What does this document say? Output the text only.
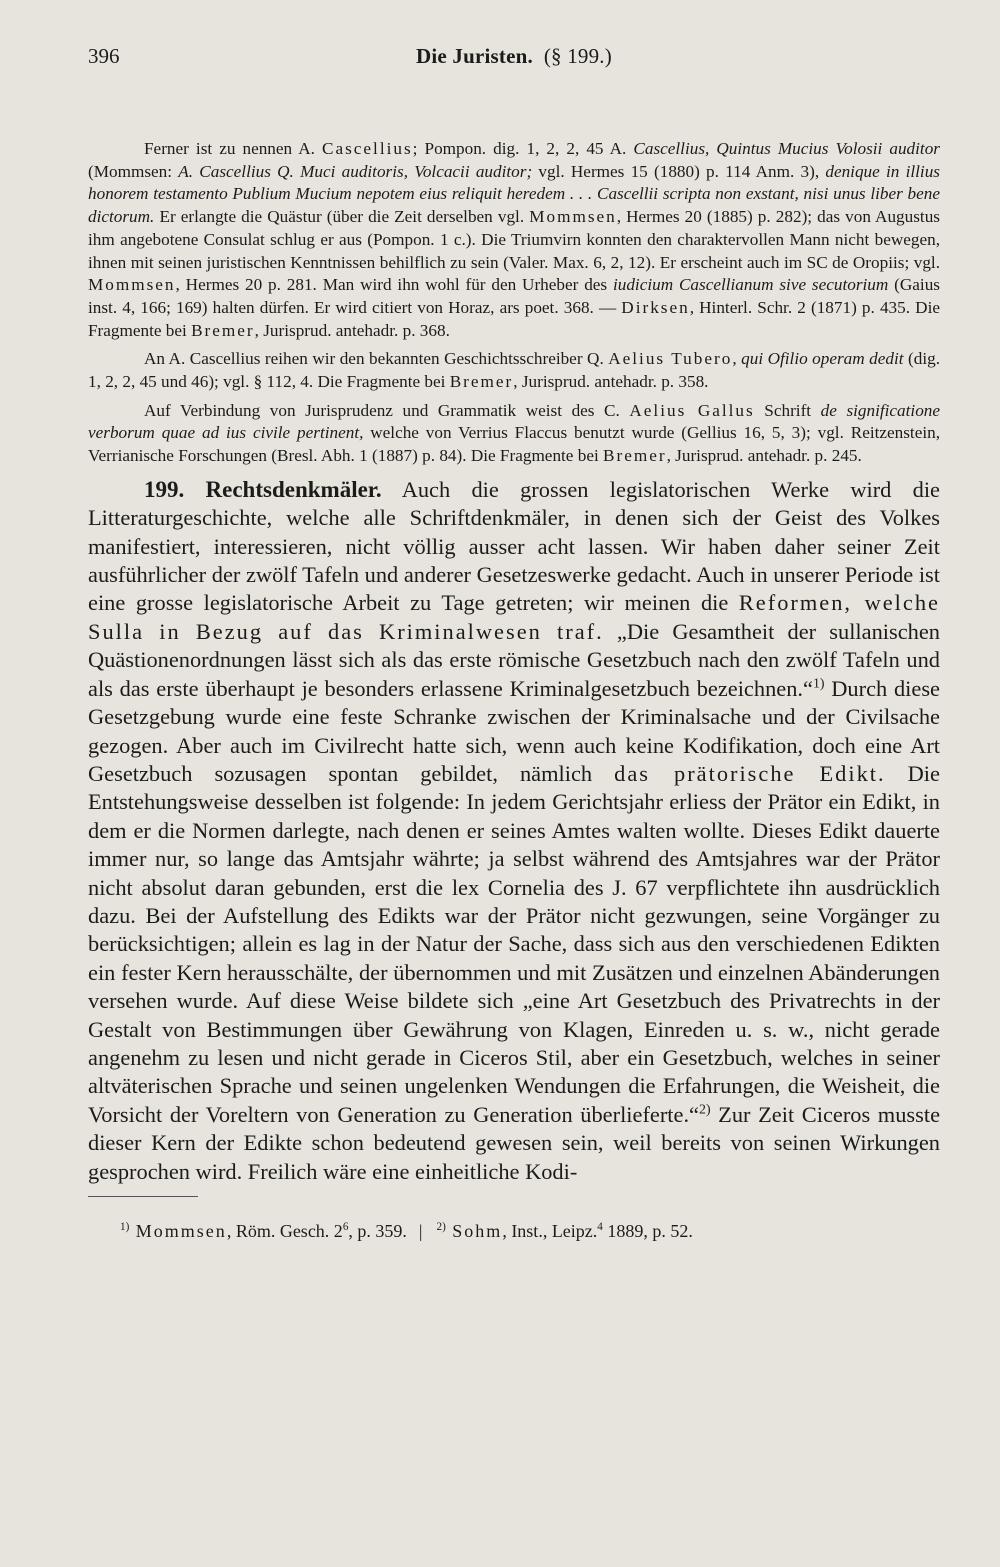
396	Die Juristen. (§ 199.)

Ferner ist zu nennen A. Cascellius; Pompon. dig. 1, 2, 2, 45 A. Cascellius, Quintus Mucius Volosii auditor (Mommsen: A. Cascellius Q. Muci auditoris, Volcacii auditor; vgl. Hermes 15 (1880) p. 114 Anm. 3), denique in illius honorem testamento Publium Mucium nepotem eius reliquit heredem . . . Cascellii scripta non exstant, nisi unus liber bene dictorum. Er erlangte die Quästur (über die Zeit derselben vgl. Mommsen, Hermes 20 (1885) p. 282); das von Augustus ihm angebotene Consulat schlug er aus (Pompon. 1 c.). Die Triumvirn konnten den charaktervollen Mann nicht bewegen, ihnen mit seinen juristischen Kenntnissen behilflich zu sein (Valer. Max. 6, 2, 12). Er erscheint auch im SC de Oropiis; vgl. Mommsen, Hermes 20 p. 281. Man wird ihn wohl für den Urheber des iudicium Cascellianum sive secutorium (Gaius inst. 4, 166; 169) halten dürfen. Er wird citiert von Horaz, ars poet. 368. — Dirksen, Hinterl. Schr. 2 (1871) p. 435. Die Fragmente bei Bremer, Jurisprud. antehadr. p. 368.

An A. Cascellius reihen wir den bekannten Geschichtsschreiber Q. Aelius Tubero, qui Ofilio operam dedit (dig. 1, 2, 2, 45 und 46); vgl. § 112, 4. Die Fragmente bei Bremer, Jurisprud. antehadr. p. 358.

Auf Verbindung von Jurisprudenz und Grammatik weist des C. Aelius Gallus Schrift de significatione verborum quae ad ius civile pertinent, welche von Verrius Flaccus benutzt wurde (Gellius 16, 5, 3); vgl. Reitzenstein, Verrianische Forschungen (Bresl. Abh. 1 (1887) p. 84). Die Fragmente bei Bremer, Jurisprud. antehadr. p. 245.

199. Rechtsdenkmäler. Auch die grossen legislatorischen Werke wird die Litteraturgeschichte, welche alle Schriftdenkmäler, in denen sich der Geist des Volkes manifestiert, interessieren, nicht völlig ausser acht lassen. Wir haben daher seiner Zeit ausführlicher der zwölf Tafeln und anderer Gesetzeswerke gedacht. Auch in unserer Periode ist eine grosse legislatorische Arbeit zu Tage getreten; wir meinen die Reformen, welche Sulla in Bezug auf das Kriminalwesen traf. „Die Gesamtheit der sullanischen Quästionenordnungen lässt sich als das erste römische Gesetzbuch nach den zwölf Tafeln und als das erste überhaupt je besonders erlassene Kriminalgesetzbuch bezeichnen.“$^{1)}$ Durch diese Gesetzgebung wurde eine feste Schranke zwischen der Kriminalsache und der Civilsache gezogen. Aber auch im Civilrecht hatte sich, wenn auch keine Kodifikation, doch eine Art Gesetzbuch sozusagen spontan gebildet, nämlich das prätorische Edikt. Die Entstehungsweise desselben ist folgende: In jedem Gerichtsjahr erliess der Prätor ein Edikt, in dem er die Normen darlegte, nach denen er seines Amtes walten wollte. Dieses Edikt dauerte immer nur, so lange das Amtsjahr währte; ja selbst während des Amtsjahres war der Prätor nicht absolut daran gebunden, erst die lex Cornelia des J. 67 verpflichtete ihn ausdrücklich dazu. Bei der Aufstellung des Edikts war der Prätor nicht gezwungen, seine Vorgänger zu berücksichtigen; allein es lag in der Natur der Sache, dass sich aus den verschiedenen Edikten ein fester Kern herausschälte, der übernommen und mit Zusätzen und einzelnen Abänderungen versehen wurde. Auf diese Weise bildete sich „eine Art Gesetzbuch des Privatrechts in der Gestalt von Bestimmungen über Gewährung von Klagen, Einreden u. s. w., nicht gerade angenehm zu lesen und nicht gerade in Ciceros Stil, aber ein Gesetzbuch, welches in seiner altväterischen Sprache und seinen ungelenken Wendungen die Erfahrungen, die Weisheit, die Vorsicht der Voreltern von Generation zu Generation überlieferte.“$^{2)}$ Zur Zeit Ciceros musste dieser Kern der Edikte schon bedeutend gewesen sein, weil bereits von seinen Wirkungen gesprochen wird. Freilich wäre eine einheitliche Kodi-

$^{1)}$ Mommsen, Röm. Gesch. $2^6$, p. 359. | $^{2)}$ Sohm, Inst., Leipz.$^4$ 1889, p. 52.
